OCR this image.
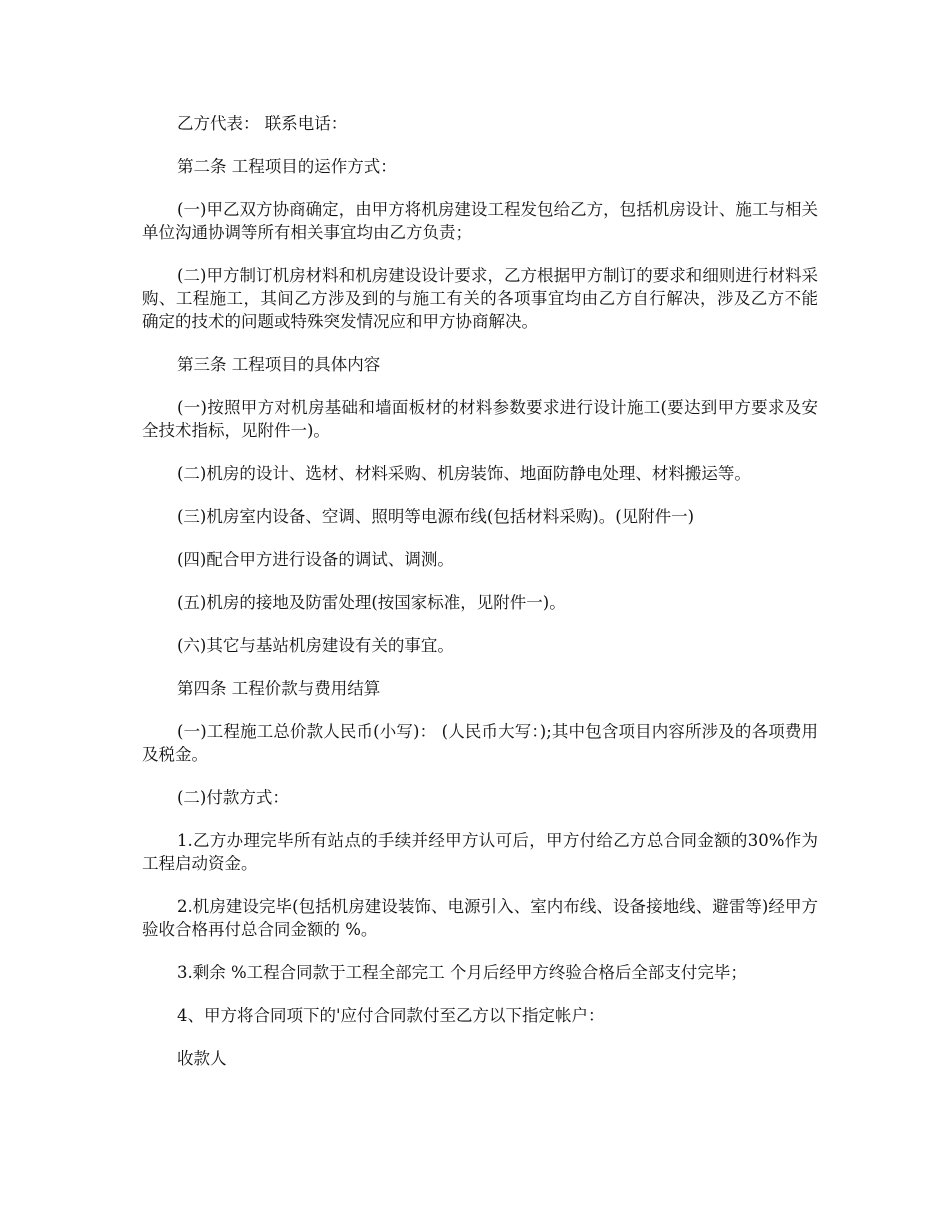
乙方代表： 联系电话：

第二条 工程项目的运作方式：

(一)甲乙双方协商确定，由甲方将机房建设工程发包给乙方，包括机房设计、施工与相关单位沟通协调等所有相关事宜均由乙方负责；

(二)甲方制订机房材料和机房建设设计要求，乙方根据甲方制订的要求和细则进行材料采购、工程施工，其间乙方涉及到的与施工有关的各项事宜均由乙方自行解决，涉及乙方不能确定的技术的问题或特殊突发情况应和甲方协商解决。

第三条 工程项目的具体内容

(一)按照甲方对机房基础和墙面板材的材料参数要求进行设计施工(要达到甲方要求及安全技术指标，见附件一)。

(二)机房的设计、选材、材料采购、机房装饰、地面防静电处理、材料搬运等。

(三)机房室内设备、空调、照明等电源布线(包括材料采购)。(见附件一)

(四)配合甲方进行设备的调试、调测。

(五)机房的接地及防雷处理(按国家标准，见附件一)。

(六)其它与基站机房建设有关的事宜。

第四条 工程价款与费用结算

(一)工程施工总价款人民币(小写)： (人民币大写：);其中包含项目内容所涉及的各项费用及税金。

(二)付款方式：

1.乙方办理完毕所有站点的手续并经甲方认可后，甲方付给乙方总合同金额的30%作为工程启动资金。

2.机房建设完毕(包括机房建设装饰、电源引入、室内布线、设备接地线、避雷等)经甲方验收合格再付总合同金额的 %。

3.剩余 %工程合同款于工程全部完工 个月后经甲方终验合格后全部支付完毕；

4、甲方将合同项下的'应付合同款付至乙方以下指定帐户：

收款人
